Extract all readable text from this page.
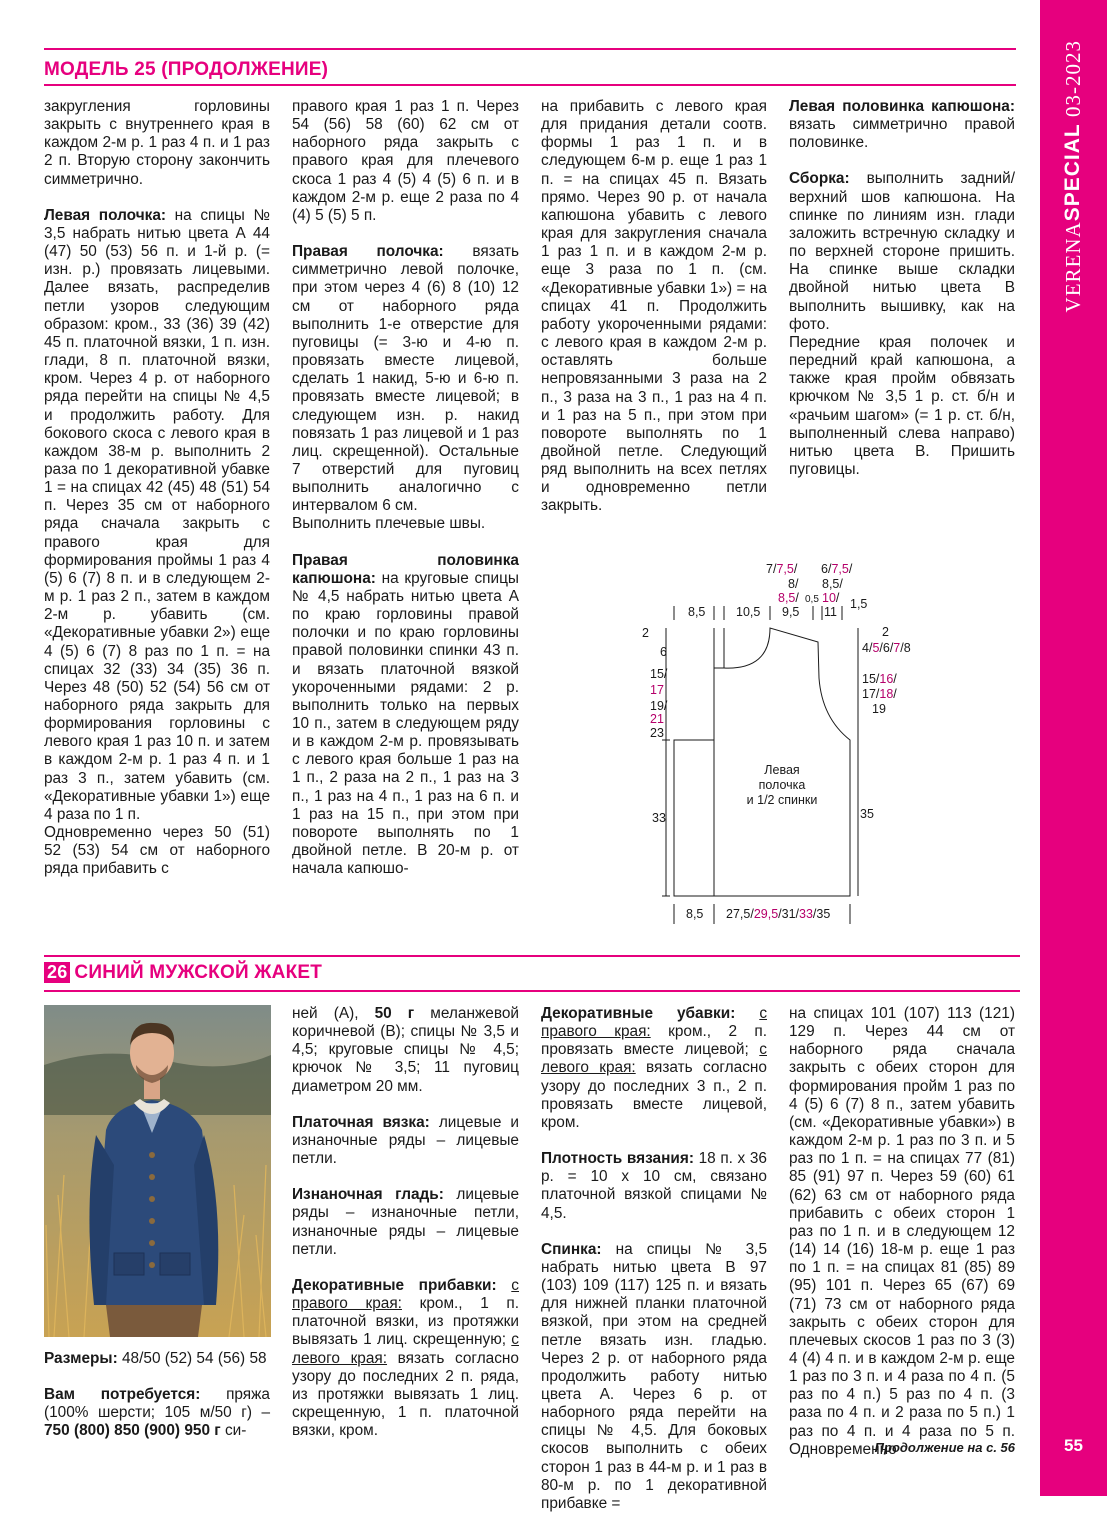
VERENASPECIAL 03-2023
55
МОДЕЛЬ 25 (ПРОДОЛЖЕНИЕ)

закругления горловины закрыть с внутреннего края в каждом 2-м р. 1 раз 4 п. и 1 раз 2 п. Вторую сторону закончить симметрично.

Левая полочка: на спицы № 3,5 набрать нитью цвета А 44 (47) 50 (53) 56 п. и 1-й р. (= изн. р.) провязать лицевыми. Далее вязать, распределив петли узоров следующим образом: кром., 33 (36) 39 (42) 45 п. платочной вязки, 1 п. изн. глади, 8 п. платочной вязки, кром. Через 4 р. от наборного ряда перейти на спицы № 4,5 и продолжить работу. Для бокового скоса с левого края в каждом 38-м р. выполнить 2 раза по 1 декоративной убавке 1 = на спицах 42 (45) 48 (51) 54 п. Через 35 см от наборного ряда сначала закрыть с правого края для формирования проймы 1 раз 4 (5) 6 (7) 8 п. и в следующем 2-м р. 1 раз 2 п., затем в каждом 2-м р. убавить (см. «Декоративные убавки 2») еще 4 (5) 6 (7) 8 раз по 1 п. = на спицах 32 (33) 34 (35) 36 п. Через 48 (50) 52 (54) 56 см от наборного ряда закрыть для формирования горловины с левого края 1 раз 10 п. и затем в каждом 2-м р. 1 раз 4 п. и 1 раз 3 п., затем убавить (см. «Декоративные убавки 1») еще 4 раза по 1 п.

Одновременно через 50 (51) 52 (53) 54 см от наборного ряда прибавить с

правого края 1 раз 1 п. Через 54 (56) 58 (60) 62 см от наборного ряда закрыть с правого края для плечевого скоса 1 раз 4 (5) 4 (5) 6 п. и в каждом 2-м р. еще 2 раза по 4 (4) 5 (5) 5 п.

Правая полочка: вязать симметрично левой полочке, при этом через 4 (6) 8 (10) 12 см от наборного ряда выполнить 1-е отверстие для пуговицы (= 3-ю и 4-ю п. провязать вместе лицевой, сделать 1 накид, 5-ю и 6-ю п. провязать вместе лицевой; в следующем изн. р. накид повязать 1 раз лицевой и 1 раз лиц. скрещенной). Остальные 7 отверстий для пуговиц выполнить аналогично с интервалом 6 см.

Выполнить плечевые швы.

Правая половинка капюшона: на круговые спицы № 4,5 набрать нитью цвета А по краю горловины правой полочки и по краю горловины правой половинки спинки 43 п. и вязать платочной вязкой укороченными рядами: 2 р. выполнить только на первых 10 п., затем в следующем ряду и в каждом 2-м р. провязывать с левого края больше 1 раз на 1 п., 2 раза на 2 п., 1 раз на 3 п., 1 раз на 4 п., 1 раз на 6 п. и 1 раз на 15 п., при этом при повороте выполнять по 1 двойной петле. В 20-м р. от начала капюшо-

на прибавить с левого края для придания детали соотв. формы 1 раз 1 п. и в следующем 6-м р. еще 1 раз 1 п. = на спицах 45 п. Вязать прямо. Через 90 р. от начала капюшона убавить с левого края для закругления сначала 1 раз 1 п. и в каждом 2-м р. еще 3 раза по 1 п. (см. «Декоративные убавки 1») = на спицах 41 п. Продолжить работу укороченными рядами: с левого края в каждом 2-м р. оставлять больше непровязанными 3 раза на 2 п., 3 раза на 3 п., 1 раз на 4 п. и 1 раз на 5 п., при этом при повороте выполнять по 1 двойной петле. Следующий ряд выполнить на всех петлях и одновременно петли закрыть.

Левая половинка капюшона: вязать симметрично правой половинке.

Сборка: выполнить задний/верхний шов капюшона. На спинке по линиям изн. глади заложить встречную складку и по верхней стороне пришить. На спинке выше складки двойной нитью цвета В выполнить вышивку, как на фото.

Передние края полочек и передний край капюшона, а также края пройм обвязать крючком № 3,5 1 р. ст. б/н и «рачьим шагом» (= 1 р. ст. б/н, выполненный слева направо) нитью цвета В. Пришить пуговицы.

7/7,5/
8/
8,5/ 0,5
6/7,5/
8,5/
10/
11
1,5
8,5 10,5 9,5
2
6
15/
17
19/
21
23
33
2
4/5/6/7/8
15/16/
17/18/
19
35
Левая
полочка
и 1/2 спинки
8,5 27,5/29,5/31/33/35
26 СИНИЙ МУЖСКОЙ ЖАКЕТ

Размеры: 48/50 (52) 54 (56) 58

Вам потребуется: пряжа (100% шерсти; 105 м/50 г) – 750 (800) 850 (900) 950 г си-

ней (А), 50 г меланжевой коричневой (В); спицы № 3,5 и 4,5; круговые спицы № 4,5; крючок № 3,5; 11 пуговиц диаметром 20 мм.

Платочная вязка: лицевые и изнаночные ряды – лицевые петли.

Изнаночная гладь: лицевые ряды – изнаночные петли, изнаночные ряды – лицевые петли.

Декоративные прибавки: с правого края: кром., 1 п. платочной вязки, из протяжки вывязать 1 лиц. скрещенную; с левого края: вязать согласно узору до последних 2 п. ряда, из протяжки вывязать 1 лиц. скрещенную, 1 п. платочной вязки, кром.

Декоративные убавки: с правого края: кром., 2 п. провязать вместе лицевой; с левого края: вязать согласно узору до последних 3 п., 2 п. провязать вместе лицевой, кром.

Плотность вязания: 18 п. х 36 р. = 10 х 10 см, связано платочной вязкой спицами № 4,5.

Спинка: на спицы № 3,5 набрать нитью цвета В 97 (103) 109 (117) 125 п. и вязать для нижней планки платочной вязкой, при этом на средней петле вязать изн. гладью. Через 2 р. от наборного ряда продолжить работу нитью цвета А. Через 6 р. от наборного ряда перейти на спицы № 4,5. Для боковых скосов выполнить с обеих сторон 1 раз в 44-м р. и 1 раз в 80-м р. по 1 декоративной прибавке =

на спицах 101 (107) 113 (121) 129 п. Через 44 см от наборного ряда сначала закрыть с обеих сторон для формирования пройм 1 раз по 4 (5) 6 (7) 8 п., затем убавить (см. «Декоративные убавки») в каждом 2-м р. 1 раз по 3 п. и 5 раз по 1 п. = на спицах 77 (81) 85 (91) 97 п. Через 59 (60) 61 (62) 63 см от наборного ряда прибавить с обеих сторон 1 раз по 1 п. и в следующем 12 (14) 14 (16) 18-м р. еще 1 раз по 1 п. = на спицах 81 (85) 89 (95) 101 п. Через 65 (67) 69 (71) 73 см от наборного ряда закрыть с обеих сторон для плечевых скосов 1 раз по 3 (3) 4 (4) 4 п. и в каждом 2-м р. еще 1 раз по 3 п. и 4 раза по 4 п. (5 раз по 4 п.) 5 раз по 4 п. (3 раза по 4 п. и 2 раза по 5 п.) 1 раз по 4 п. и 4 раза по 5 п. Одновременно

Продолжение на с. 56
